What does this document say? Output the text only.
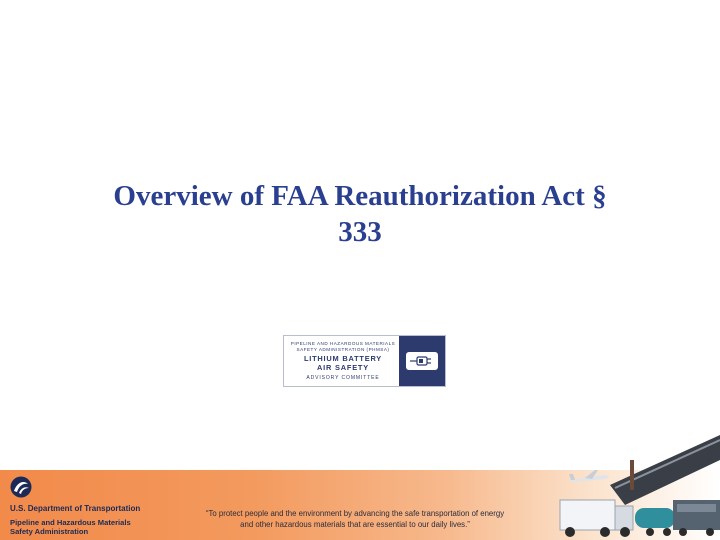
Overview of FAA Reauthorization Act §
333
PIPELINE AND HAZARDOUS MATERIALS
SAFETY ADMINISTRATION (PHMSA)
LITHIUM BATTERY
AIR SAFETY
ADVISORY COMMITTEE
U.S. Department of Transportation
Pipeline and Hazardous Materials
Safety Administration
“To protect people and the environment by advancing the safe transportation of energy
and other hazardous materials that are essential to our daily lives.”
